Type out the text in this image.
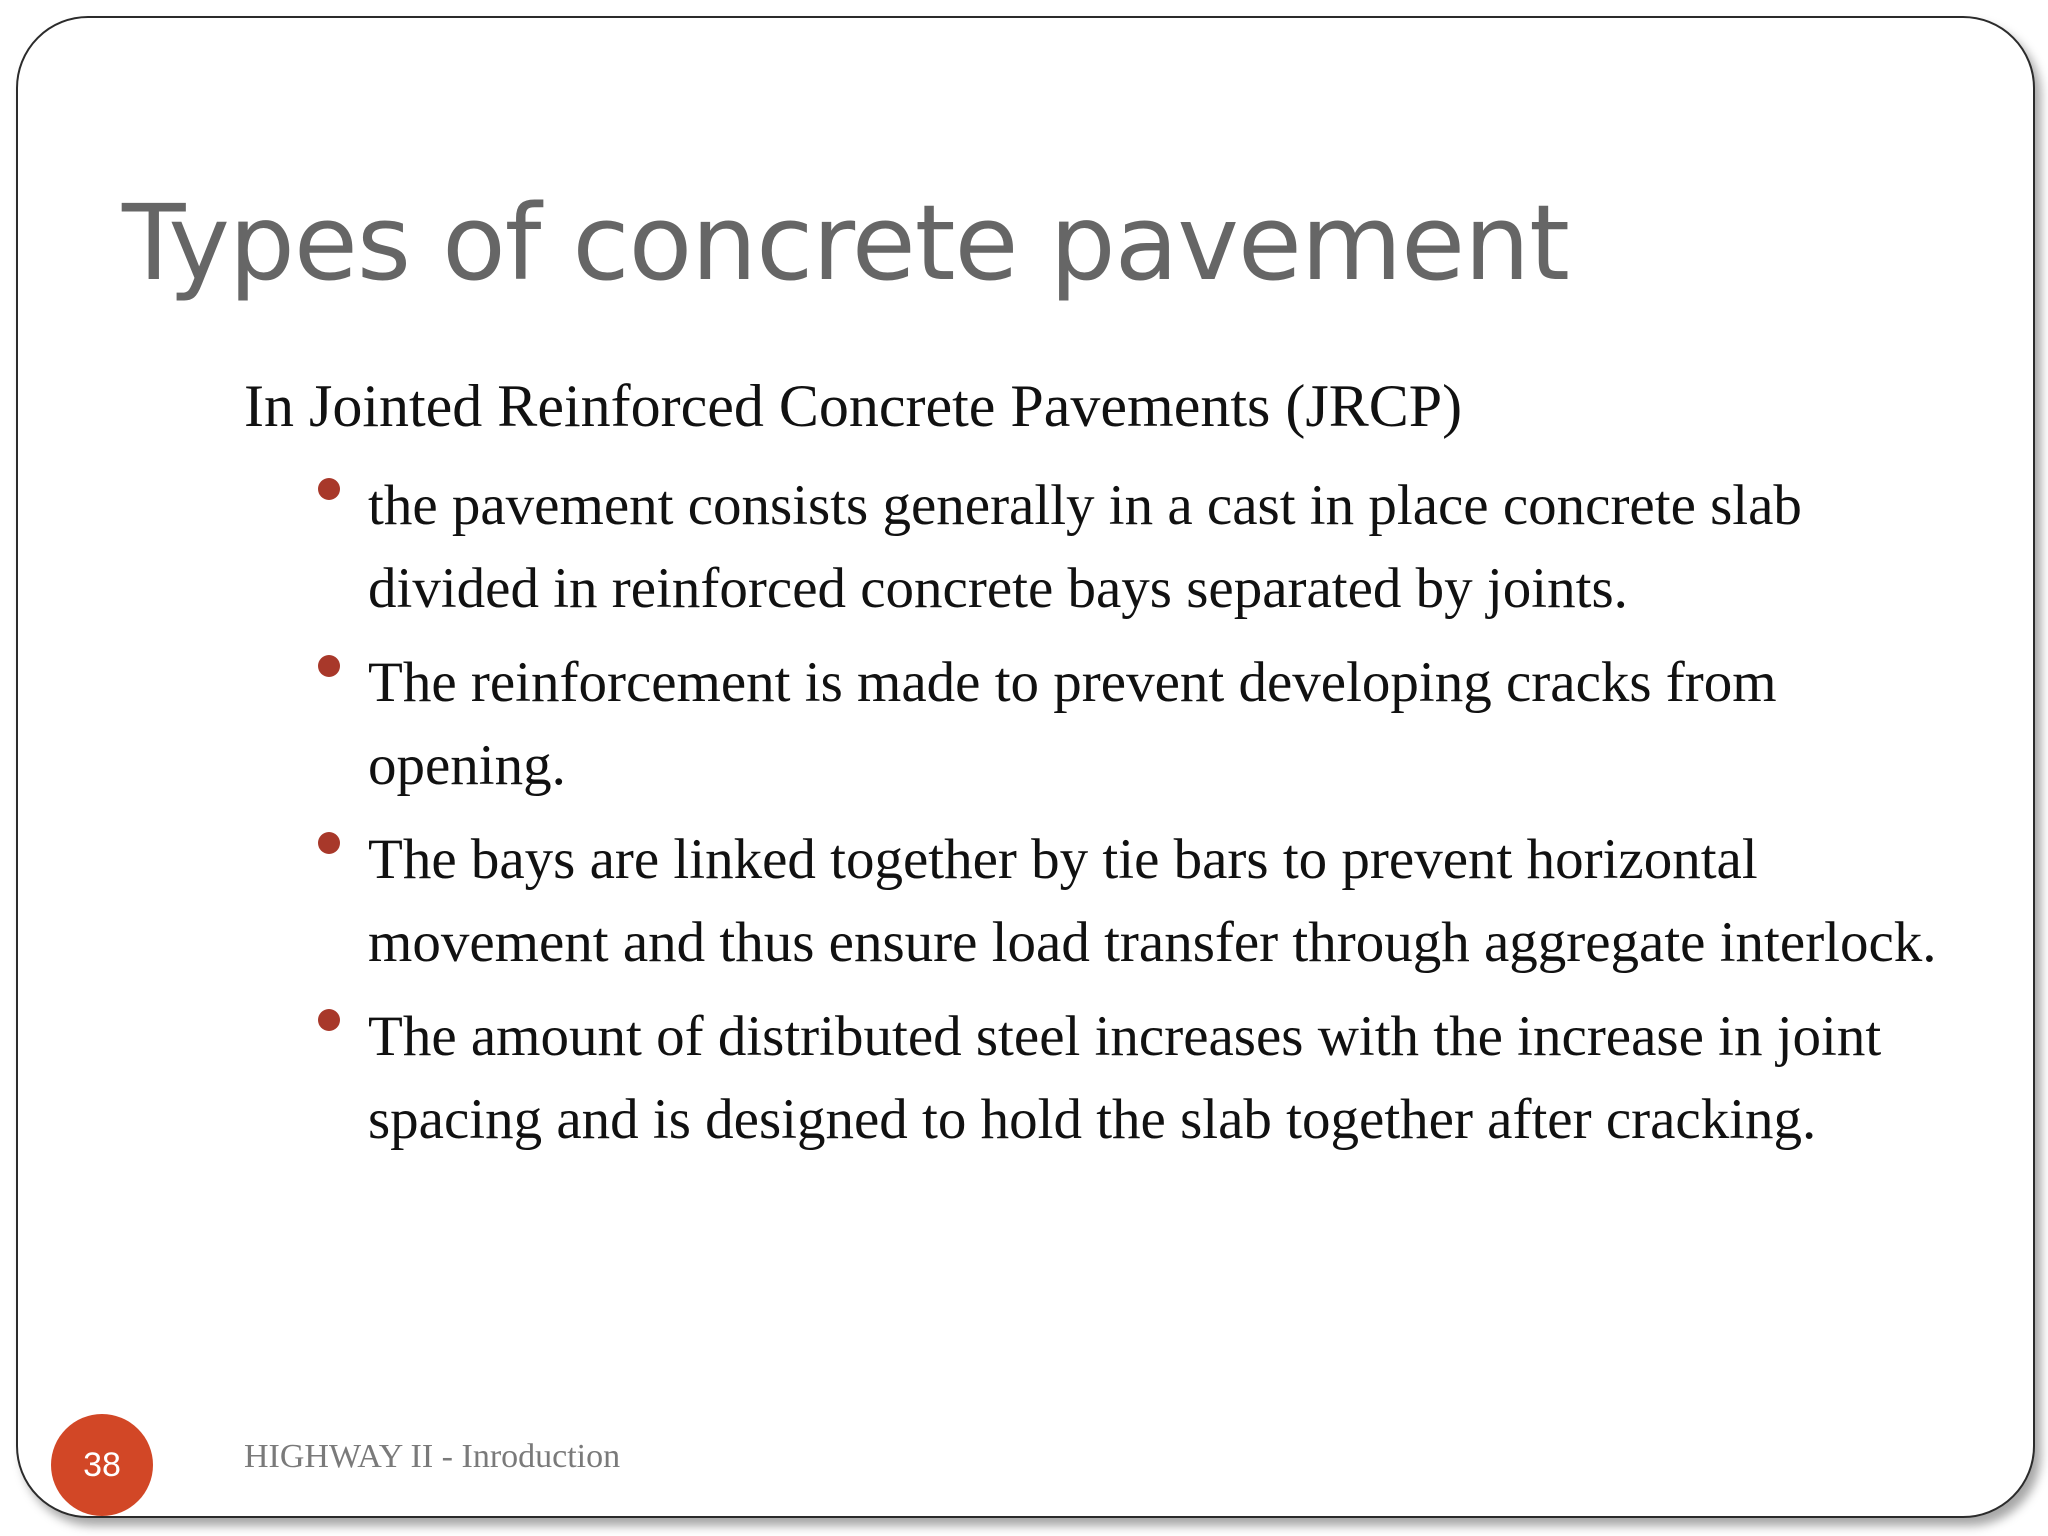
Types of concrete pavement

In Jointed Reinforced Concrete Pavements (JRCP)

the pavement consists generally in a cast in place concrete slab divided in reinforced concrete bays separated by joints.
The reinforcement is made to prevent developing cracks from opening.
The bays are linked together by tie bars to prevent horizontal movement and thus ensure load transfer through aggregate interlock.
The amount of distributed steel increases with the increase in joint spacing and is designed to hold the slab together after cracking.
38	HIGHWAY II - Inroduction
